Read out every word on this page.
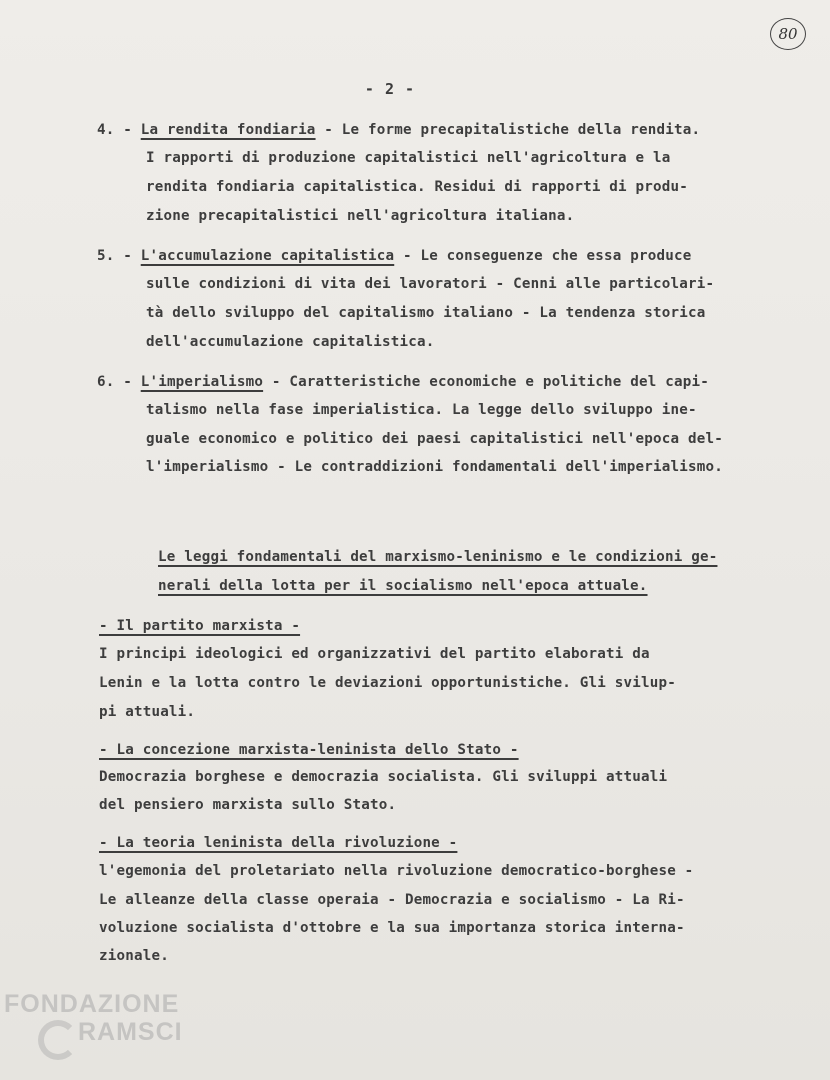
80
- 2 -
4. - La rendita fondiaria - Le forme precapitalistiche della rendita.
I rapporti di produzione capitalistici nell'agricoltura e la
rendita fondiaria capitalistica. Residui di rapporti di produ-
zione precapitalistici nell'agricoltura italiana.
5. - L'accumulazione capitalistica - Le conseguenze che essa produce
sulle condizioni di vita dei lavoratori - Cenni alle particolari-
tà dello sviluppo del capitalismo italiano - La tendenza storica
dell'accumulazione capitalistica.
6. - L'imperialismo - Caratteristiche economiche e politiche del capi-
talismo nella fase imperialistica. La legge dello sviluppo ine-
guale economico e politico dei paesi capitalistici nell'epoca del-
l'imperialismo - Le contraddizioni fondamentali dell'imperialismo.
Le leggi fondamentali del marxismo-leninismo e le condizioni ge-
nerali della lotta per il socialismo nell'epoca attuale.
- Il partito marxista -
I principi ideologici ed organizzativi del partito elaborati da
Lenin e la lotta contro le deviazioni opportunistiche. Gli svilup-
pi attuali.
- La concezione marxista-leninista dello Stato -
Democrazia borghese e democrazia socialista. Gli sviluppi attuali
del pensiero marxista sullo Stato.
- La teoria leninista della rivoluzione -
l'egemonia del proletariato nella rivoluzione democratico-borghese -
Le alleanze della classe operaia - Democrazia e socialismo - La Ri-
voluzione socialista d'ottobre e la sua importanza storica interna-
zionale.
FONDAZIONE
RAMSCI
